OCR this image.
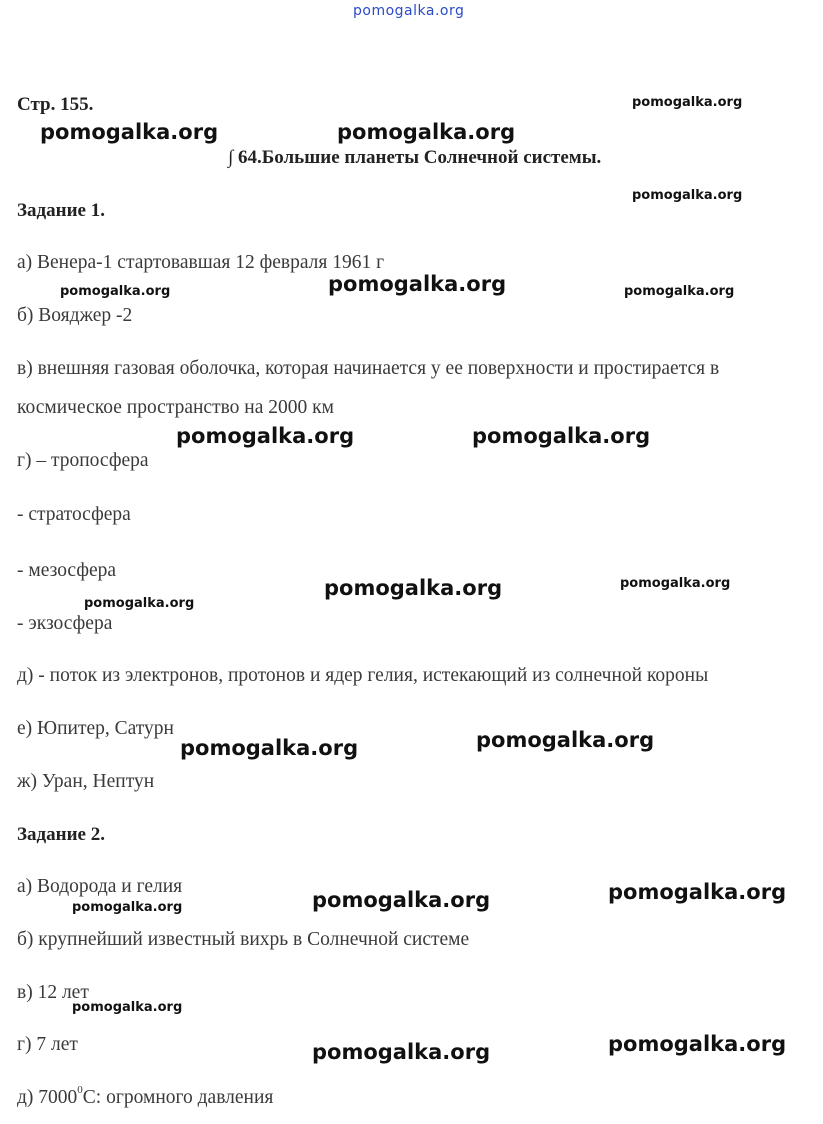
pomogalka.org
Стр. 155.
∫ 64.Большие планеты Солнечной системы.
Задание 1.
а) Венера-1 стартовавшая 12 февраля 1961 г
б) Вояджер -2
в) внешняя газовая оболочка, которая начинается у ее поверхности и простирается в
космическое пространство на 2000 км
г) – тропосфера
- стратосфера
- мезосфера
- экзосфера
д) - поток из электронов, протонов и ядер гелия, истекающий из солнечной короны
е) Юпитер, Сатурн
ж) Уран, Нептун
Задание 2.
а) Водорода и гелия
б) крупнейший известный вихрь в Солнечной системе
в) 12 лет
г) 7 лет
д) 7000$^0$С: огромного давления
pomogalka.org
pomogalka.org	pomogalka.org
pomogalka.org
pomogalka.org
pomogalka.org	pomogalka.org
pomogalka.org	pomogalka.org
pomogalka.org
pomogalka.org
pomogalka.org
pomogalka.org
pomogalka.org
pomogalka.org
pomogalka.org
pomogalka.org
pomogalka.org
pomogalka.org
pomogalka.org
